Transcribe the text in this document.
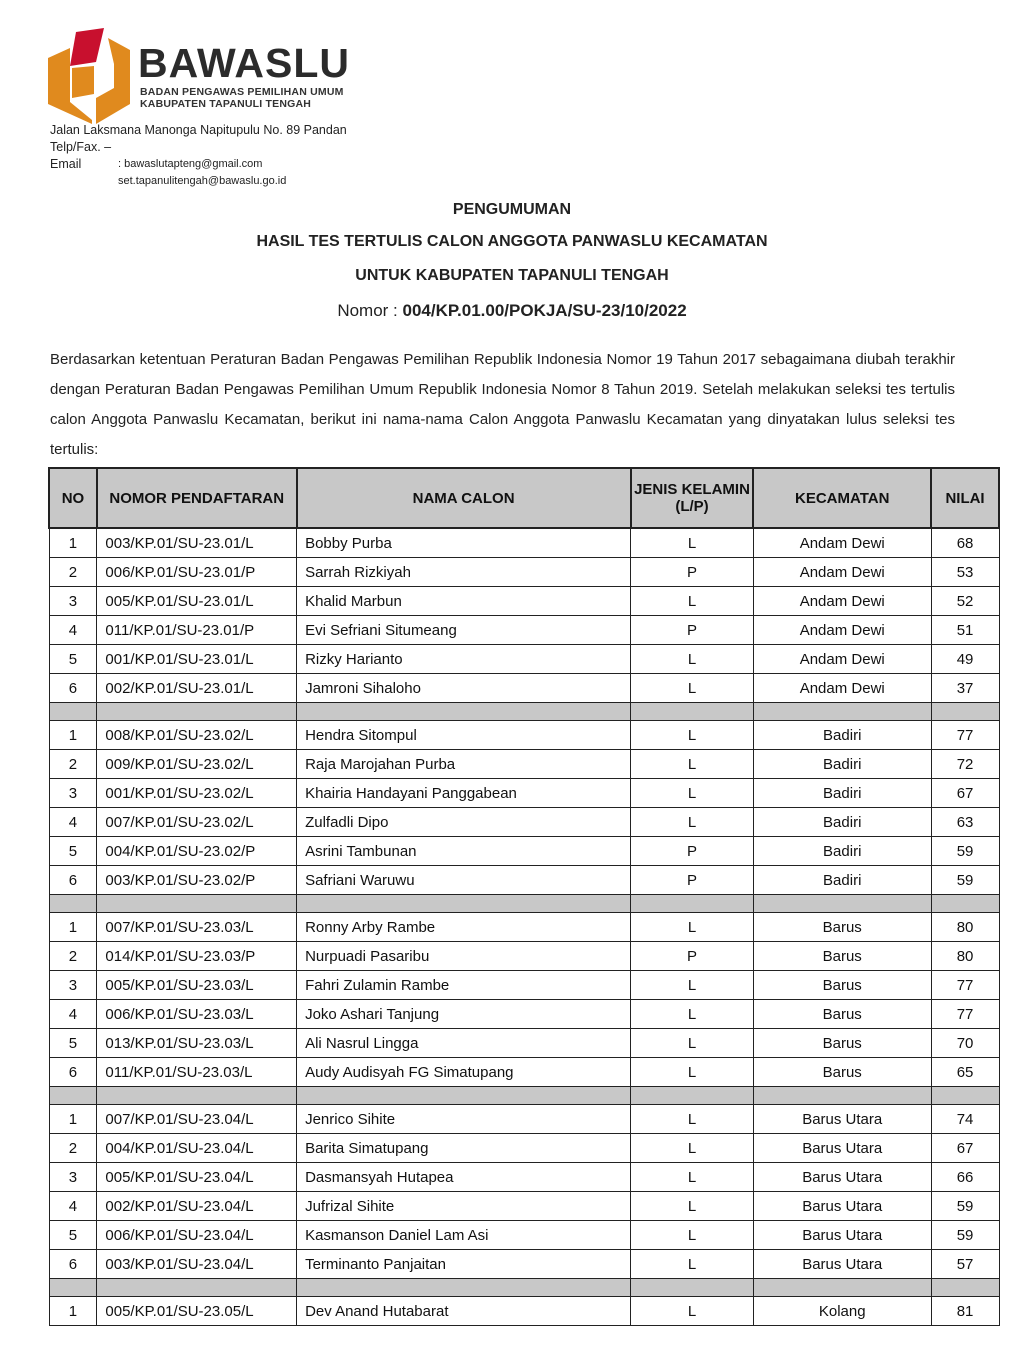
BAWASLU
BADAN PENGAWAS PEMILIHAN UMUM
KABUPATEN TAPANULI TENGAH
Jalan Laksmana Manonga Napitupulu No. 89 Pandan
Telp/Fax. –
Email	: bawaslutapteng@gmail.com
set.tapanulitengah@bawaslu.go.id
PENGUMUMAN
HASIL TES TERTULIS CALON ANGGOTA PANWASLU KECAMATAN
UNTUK KABUPATEN TAPANULI TENGAH
Nomor : 004/KP.01.00/POKJA/SU-23/10/2022
Berdasarkan ketentuan Peraturan Badan Pengawas Pemilihan Republik Indonesia Nomor 19 Tahun 2017 sebagaimana diubah terakhir dengan Peraturan Badan Pengawas Pemilihan Umum Republik Indonesia Nomor 8 Tahun 2019. Setelah melakukan seleksi tes tertulis calon Anggota Panwaslu Kecamatan, berikut ini nama-nama Calon Anggota Panwaslu Kecamatan yang dinyatakan lulus seleksi tes tertulis:
NO	NOMOR PENDAFTARAN	NAMA CALON	JENIS KELAMIN (L/P)	KECAMATAN	NILAI
1	003/KP.01/SU-23.01/L	Bobby Purba	L	Andam Dewi	68
2	006/KP.01/SU-23.01/P	Sarrah Rizkiyah	P	Andam Dewi	53
3	005/KP.01/SU-23.01/L	Khalid Marbun	L	Andam Dewi	52
4	011/KP.01/SU-23.01/P	Evi Sefriani Situmeang	P	Andam Dewi	51
5	001/KP.01/SU-23.01/L	Rizky Harianto	L	Andam Dewi	49
6	002/KP.01/SU-23.01/L	Jamroni Sihaloho	L	Andam Dewi	37

1	008/KP.01/SU-23.02/L	Hendra Sitompul	L	Badiri	77
2	009/KP.01/SU-23.02/L	Raja Marojahan Purba	L	Badiri	72
3	001/KP.01/SU-23.02/L	Khairia Handayani Panggabean	L	Badiri	67
4	007/KP.01/SU-23.02/L	Zulfadli Dipo	L	Badiri	63
5	004/KP.01/SU-23.02/P	Asrini Tambunan	P	Badiri	59
6	003/KP.01/SU-23.02/P	Safriani Waruwu	P	Badiri	59

1	007/KP.01/SU-23.03/L	Ronny Arby Rambe	L	Barus	80
2	014/KP.01/SU-23.03/P	Nurpuadi Pasaribu	P	Barus	80
3	005/KP.01/SU-23.03/L	Fahri Zulamin Rambe	L	Barus	77
4	006/KP.01/SU-23.03/L	Joko Ashari Tanjung	L	Barus	77
5	013/KP.01/SU-23.03/L	Ali Nasrul Lingga	L	Barus	70
6	011/KP.01/SU-23.03/L	Audy Audisyah FG Simatupang	L	Barus	65

1	007/KP.01/SU-23.04/L	Jenrico Sihite	L	Barus Utara	74
2	004/KP.01/SU-23.04/L	Barita Simatupang	L	Barus Utara	67
3	005/KP.01/SU-23.04/L	Dasmansyah Hutapea	L	Barus Utara	66
4	002/KP.01/SU-23.04/L	Jufrizal Sihite	L	Barus Utara	59
5	006/KP.01/SU-23.04/L	Kasmanson Daniel Lam Asi	L	Barus Utara	59
6	003/KP.01/SU-23.04/L	Terminanto Panjaitan	L	Barus Utara	57

1	005/KP.01/SU-23.05/L	Dev Anand Hutabarat	L	Kolang	81
